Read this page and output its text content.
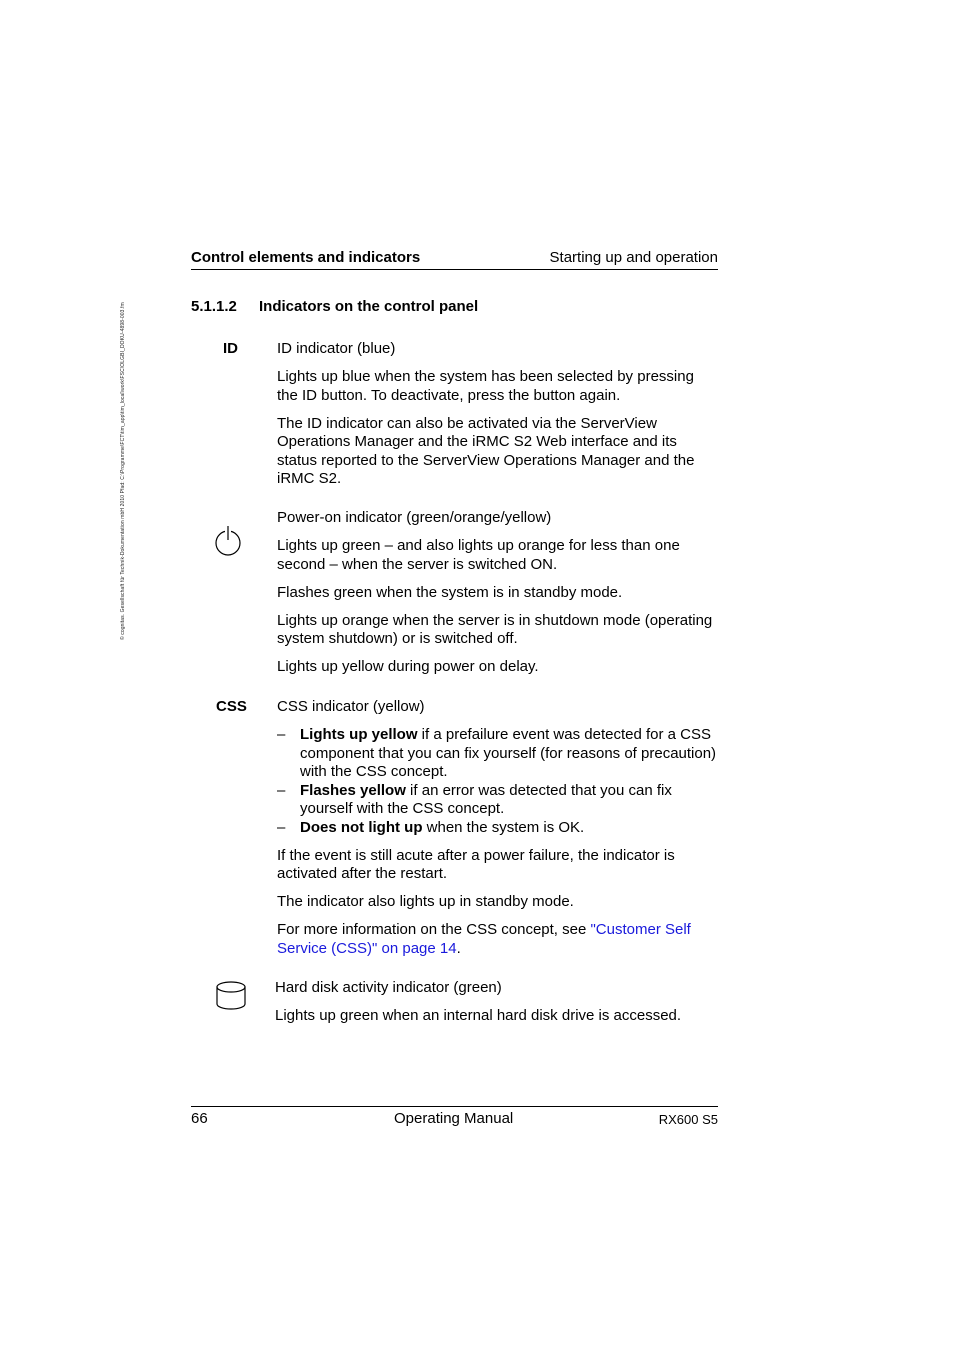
© cognitas. Gesellschaft für Technik-Dokumentation mbH 2010 Pfad: C:\Programme\FCT\tim_app\tim_local\work\FSC\OLGBI_DOKU-4898-003.fm
Control elements and indicators	Starting up and operation
5.1.1.2 Indicators on the control panel
ID	ID indicator (blue)

Lights up blue when the system has been selected by pressing the ID button. To deactivate, press the button again.

The ID indicator can also be activated via the ServerView Operations Manager and the iRMC S2 Web interface and its status reported to the ServerView Operations Manager and the iRMC S2.

Power-on indicator (green/orange/yellow)

Lights up green – and also lights up orange for less than one second – when the server is switched ON.

Flashes green when the system is in standby mode.

Lights up orange when the server is in shutdown mode (operating system shutdown) or is switched off.

Lights up yellow during power on delay.

CSS CSS indicator (yellow)

– Lights up yellow if a prefailure event was detected for a CSS component that you can fix yourself (for reasons of precaution) with the CSS concept.
– Flashes yellow if an error was detected that you can fix yourself with the CSS concept.
– Does not light up when the system is OK.

If the event is still acute after a power failure, the indicator is activated after the restart.

The indicator also lights up in standby mode.

For more information on the CSS concept, see "Customer Self Service (CSS)" on page 14.

Hard disk activity indicator (green)

Lights up green when an internal hard disk drive is accessed.

66	Operating Manual	RX600 S5
